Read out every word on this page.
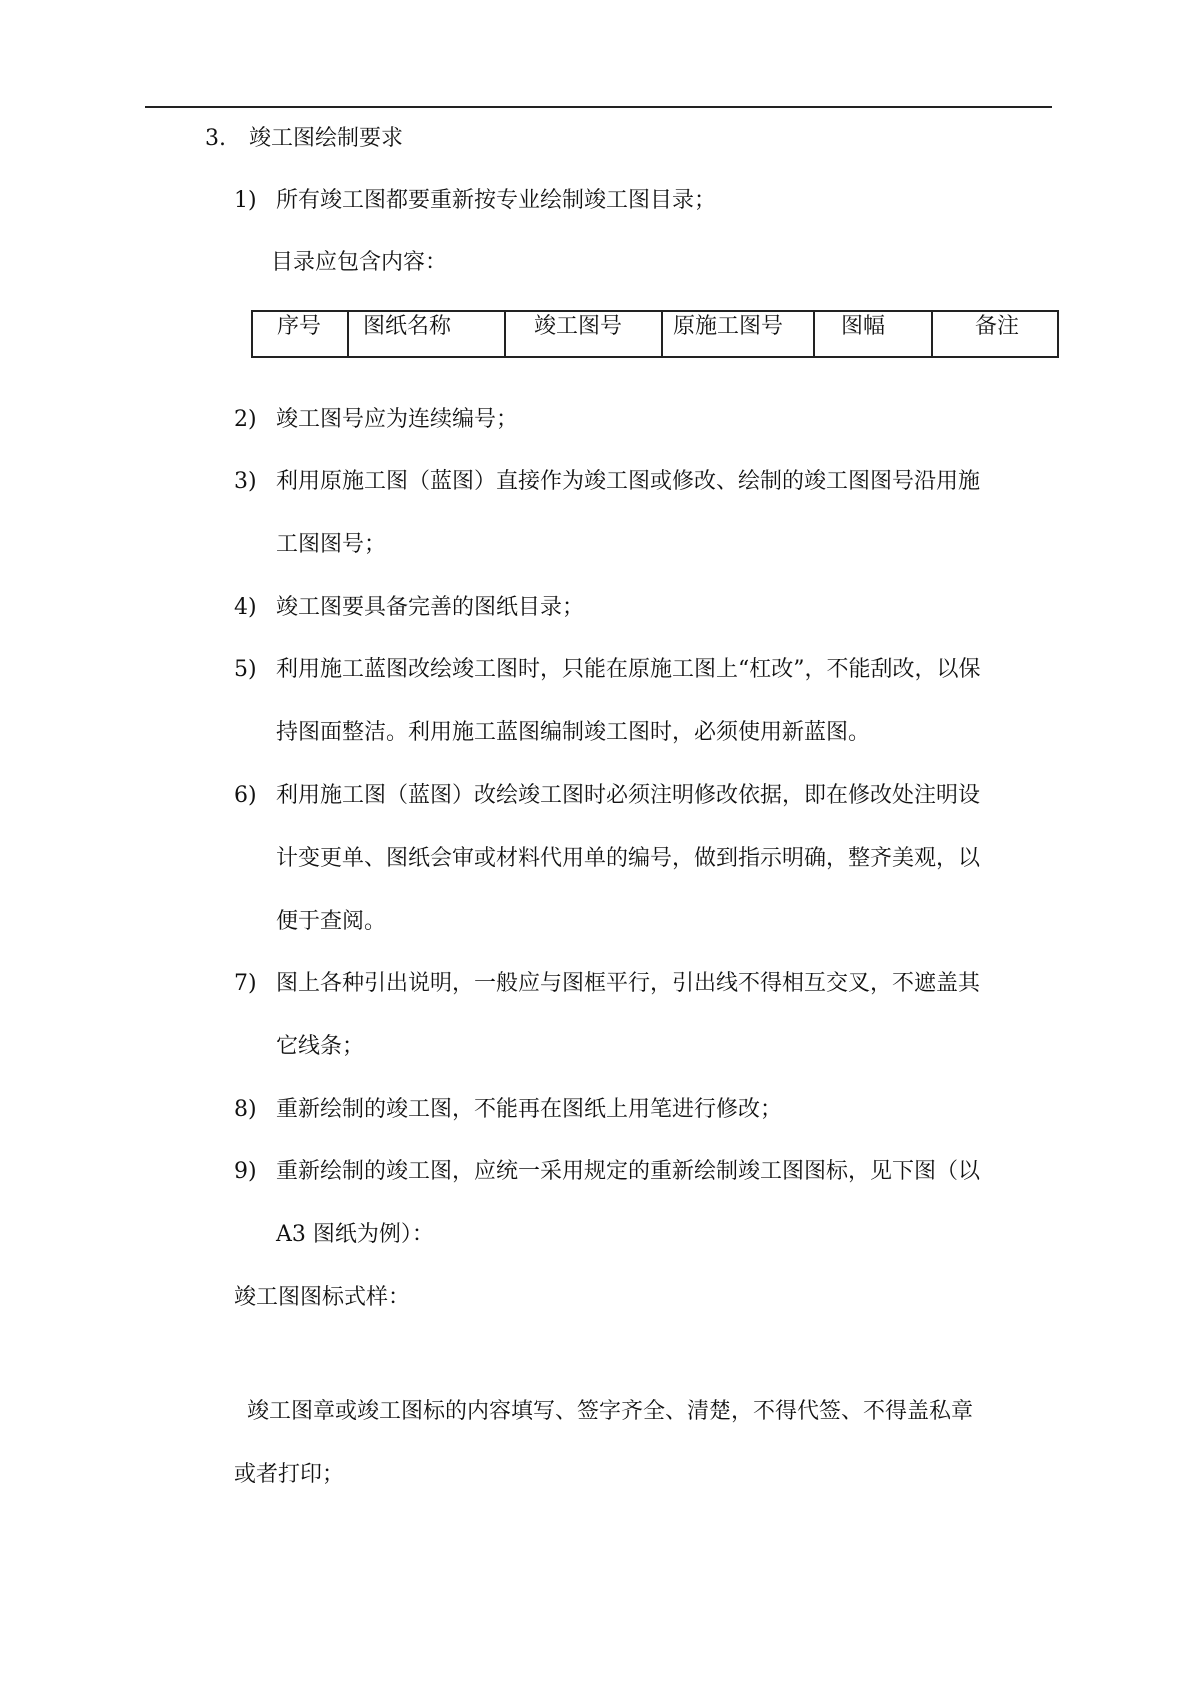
3. 竣工图绘制要求
1) 所有竣工图都要重新按专业绘制竣工图目录；
目录应包含内容：
序号	图纸名称	竣工图号	原施工图号	图幅	备注
2) 竣工图号应为连续编号；
3) 利用原施工图（蓝图）直接作为竣工图或修改、绘制的竣工图图号沿用施
工图图号；
4) 竣工图要具备完善的图纸目录；
5) 利用施工蓝图改绘竣工图时，只能在原施工图上“杠改”，不能刮改，以保
持图面整洁。利用施工蓝图编制竣工图时，必须使用新蓝图。
6) 利用施工图（蓝图）改绘竣工图时必须注明修改依据，即在修改处注明设
计变更单、图纸会审或材料代用单的编号，做到指示明确，整齐美观，以
便于查阅。
7) 图上各种引出说明，一般应与图框平行，引出线不得相互交叉，不遮盖其
它线条；
8) 重新绘制的竣工图，不能再在图纸上用笔进行修改；
9) 重新绘制的竣工图，应统一采用规定的重新绘制竣工图图标，见下图（以
A3 图纸为例）：
竣工图图标式样：
竣工图章或竣工图标的内容填写、签字齐全、清楚，不得代签、不得盖私章
或者打印；
